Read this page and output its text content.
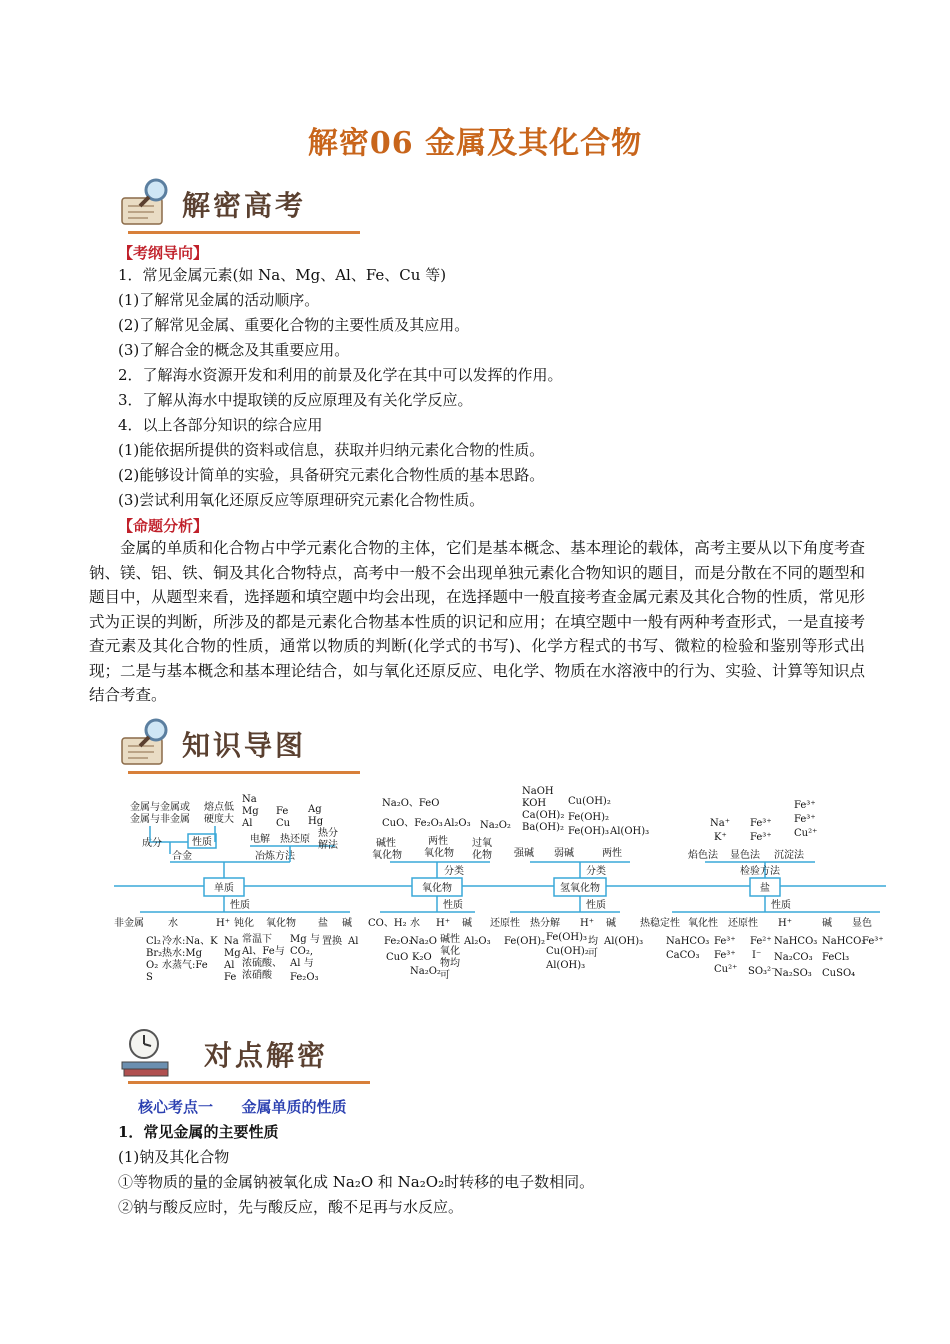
解密06 金属及其化合物
解密高考
【考纲导向】
1．常见金属元素(如 Na、Mg、Al、Fe、Cu 等)
(1)了解常见金属的活动顺序。
(2)了解常见金属、重要化合物的主要性质及其应用。
(3)了解合金的概念及其重要应用。
2．了解海水资源开发和利用的前景及化学在其中可以发挥的作用。
3．了解从海水中提取镁的反应原理及有关化学反应。
4．以上各部分知识的综合应用
(1)能依据所提供的资料或信息，获取并归纳元素化合物的性质。
(2)能够设计简单的实验，具备研究元素化合物性质的基本思路。
(3)尝试利用氧化还原反应等原理研究元素化合物性质。
【命题分析】
金属的单质和化合物占中学元素化合物的主体，它们是基本概念、基本理论的载体，高考主要从以下角度考查钠、镁、铝、铁、铜及其化合物特点，高考中一般不会出现单独元素化合物知识的题目，而是分散在不同的题型和题目中，从题型来看，选择题和填空题中均会出现，在选择题中一般直接考查金属元素及其化合物的性质，常见形式为正误的判断，所涉及的都是元素化合物基本性质的识记和应用；在填空题中一般有两种考查形式，一是直接考查元素及其化合物的性质，通常以物质的判断(化学式的书写)、化学方程式的书写、微粒的检验和鉴别等形式出现；二是与基本概念和基本理论结合，如与氧化还原反应、电化学、物质在水溶液中的行为、实验、计算等知识点结合考查。
知识导图
单质	氧化物	氢氧化物	盐
合金	冶炼方法
成分	性质
金属与金属或
金属与非金属
熔点低
硬度大
电解 热还原
热分
解法
Na
Mg
Al
Fe
Cu
Ag
Hg
分类
碱性
氧化物
两性
氧化物
过氧
化物
Na₂O、FeO
CuO、Fe₂O₃ Al₂O₃ Na₂O₂
分类
强碱 弱碱	两性
NaOH
KOH
Ca(OH)₂
Ba(OH)₂
Cu(OH)₂
Fe(OH)₂
Fe(OH)₃ Al(OH)₃
检验方法
焰色法 显色法 沉淀法
Na⁺
K⁺
Fe³⁺
Fe³⁺
Fe³⁺
Fe³⁺
Cu²⁺
性质	性质	性质	性质
非金属 水	H⁺ 钝化 氧化物 盐 碱
Cl₂
Br₂
O₂
S
冷水:Na、K
热水:Mg
水蒸气:Fe
Na
Mg
Al
Fe
常温下
Al、Fe与
浓硫酸、
浓硝酸
Mg 与
CO₂,
Al 与
Fe₂O₃
置换 Al
CO、H₂ 水 H⁺ 碱
Fe₂O₃
CuO
Na₂O
K₂O
Na₂O₂
碱性
氧化
物均
可
Al₂O₃
还原性 热分解 H⁺ 碱
Fe(OH)₂ Fe(OH)₃
Cu(OH)₂
Al(OH)₃
均
可
Al(OH)₃
热稳定性 氧化性 还原性 H⁺	碱 显色
NaHCO₃
CaCO₃
Fe³⁺
Fe³⁺
Cu²⁺
Fe²⁺
I⁻
SO₃²⁻
NaHCO₃
Na₂CO₃
Na₂SO₃
NaHCO₃
FeCl₃
CuSO₄
Fe³⁺
对点解密
核心考点一 金属单质的性质
1．常见金属的主要性质
(1)钠及其化合物
①等物质的量的金属钠被氧化成 Na₂O 和 Na₂O₂时转移的电子数相同。
②钠与酸反应时，先与酸反应，酸不足再与水反应。
